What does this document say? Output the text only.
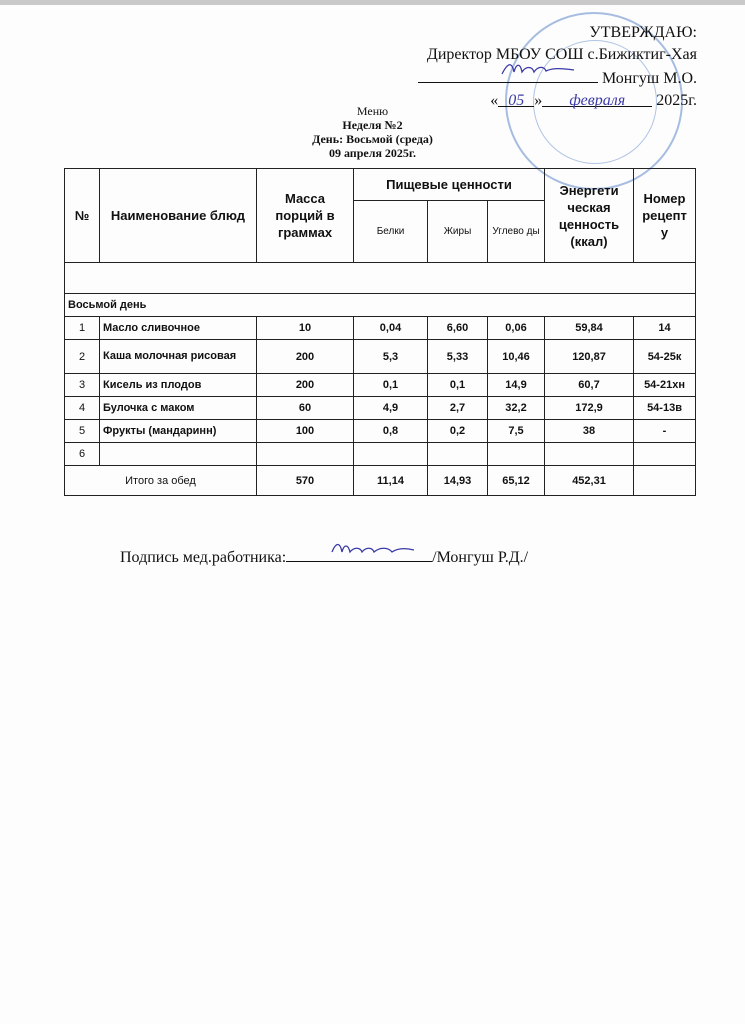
УТВЕРЖДАЮ:
Директор МБОУ СОШ с.Бижиктиг-Хая
Монгуш М.О.
« 05 » февраля 2025г.
Меню
Неделя №2
День: Восьмой (среда)
09 апреля 2025г.
№	Наименование блюд	Масса порций в граммах	Пищевые ценности			Энергети ческая ценность (ккал)	Номер рецепт у
			Белки	Жиры	Углево ды		

Восьмой день							
1	Масло сливочное	10	0,04	6,60	0,06	59,84	14
2	Каша молочная рисовая	200	5,3	5,33	10,46	120,87	54-25к
3	Кисель из плодов	200	0,1	0,1	14,9	60,7	54-21хн
4	Булочка с маком	60	4,9	2,7	32,2	172,9	54-13в
5	Фрукты (мандаринн)	100	0,8	0,2	7,5	38	-
6							
Итого за обед		570	11,14	14,93	65,12	452,31	
Подпись мед.работника:	/Монгуш Р.Д./
